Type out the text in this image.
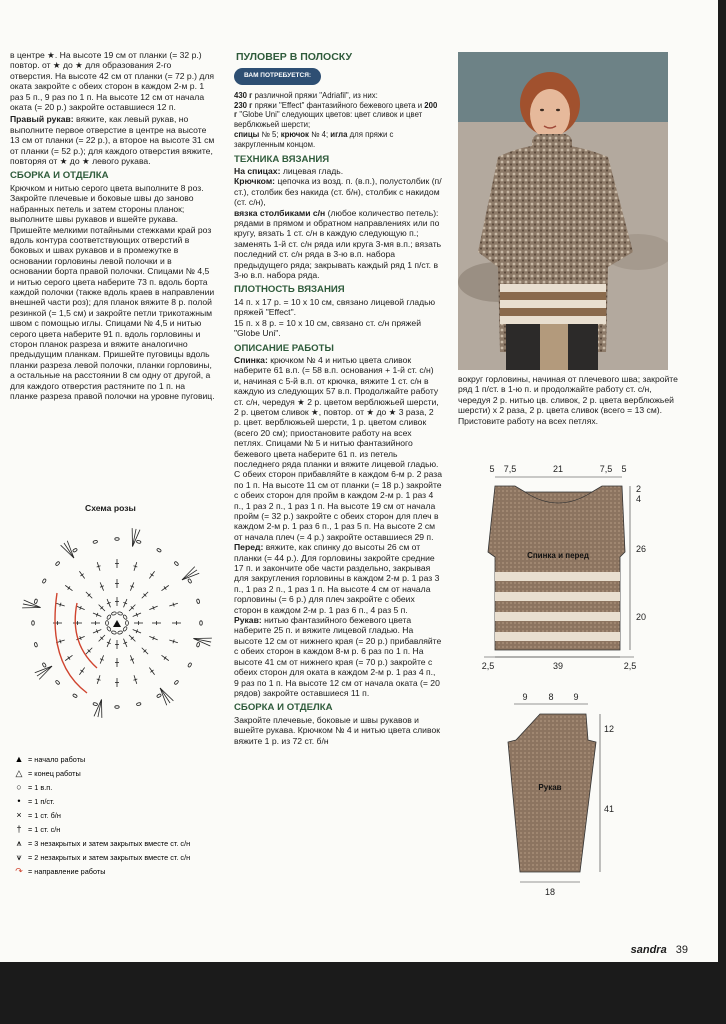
в центре ★. На высоте 19 см от планки (= 32 р.) повтор. от ★ до ★ для образования 2-го отверстия. На высоте 42 см от планки (= 72 р.) для оката закройте с обеих сторон в каждом 2-м р. 1 раз 5 п., 9 раз по 1 п. На высоте 12 см от начала оката (= 20 р.) закройте оставшиеся 12 п.

Правый рукав: вяжите, как левый рукав, но выполните первое отверстие в центре на высоте 13 см от планки (= 22 р.), а второе на высоте 31 см от планки (= 52 р.); для каждого отверстия вяжите, повторяя от ★ до ★ левого рукава.

СБОРКА И ОТДЕЛКА

Крючком и нитью серого цвета выполните 8 роз. Закройте плечевые и боковые швы до заново набранных петель и затем стороны планок; выполните швы рукавов и вшейте рукава. Пришейте мелкими потайными стежками край роз вдоль контура соответствующих отверстий в боковых и швах рукавов и в промежутке в основании горловины левой полочки и в основании борта правой полочки. Спицами № 4,5 и нитью серого цвета наберите 73 п. вдоль борта каждой полочки (также вдоль краев в направлении внешней части роз); для планок вяжите 8 р. полой резинкой (= 1,5 см) и закройте петли трикотажным швом с помощью иглы. Спицами № 4,5 и нитью серого цвета наберите 91 п. вдоль горловины и сторон планок разреза и вяжите аналогично предыдущим планкам. Пришейте пуговицы вдоль планки разреза левой полочки, планки горловины, а остальные на расстоянии 8 см одну от другой, а для каждого отверстия растяните по 1 п. на планке разреза правой полочки на уровне пуговиц.

Схема розы
▲ = начало работы
△ = конец работы
○ = 1 в.п.
•	= 1 п/ст.
× = 1 ст. б/н
† = 1 ст. с/н
⩚ = 3 незакрытых и затем закрытых вместе ст. с/н
⩛ = 2 незакрытых и затем закрытых вместе ст. с/н
↷ = направление работы
ПУЛОВЕР В ПОЛОСКУ
ВАМ ПОТРЕБУЕТСЯ:

430 г различной пряжи "Adriafil", из них:
230 г пряжи "Effect" фантазийного бежевого цвета и 200 г "Globe Uni" следующих цветов: цвет сливок и цвет верблюжьей шерсти;
спицы № 5; крючок № 4; игла для пряжи с закругленным концом.

ТЕХНИКА ВЯЗАНИЯ

На спицах: лицевая гладь.
Крючком: цепочка из возд. п. (в.п.), полустолбик (п/ст.), столбик без накида (ст. б/н), столбик с накидом (ст. с/н),
вязка столбиками с/н (любое количество петель): рядами в прямом и обратном направлениях или по кругу, вязать 1 ст. с/н в каждую следующую п.; заменять 1-й ст. с/н ряда или круга 3-мя в.п.; вязать последний ст. с/н ряда в 3-ю в.п. набора предыдущего ряда; закрывать каждый ряд 1 п/ст. в 3-ю в.п. набора ряда.

ПЛОТНОСТЬ ВЯЗАНИЯ

14 п. х 17 р. = 10 х 10 см, связано лицевой гладью пряжей "Effect".

15 п. х 8 р. = 10 х 10 см, связано ст. с/н пряжей "Globe Uni".

ОПИСАНИЕ РАБОТЫ

Спинка: крючком № 4 и нитью цвета сливок наберите 61 в.п. (= 58 в.п. основания + 1-й ст. с/н) и, начиная с 5-й в.п. от крючка, вяжите 1 ст. с/н в каждую из следующих 57 в.п. Продолжайте работу ст. с/н, чередуя ★ 2 р. цветом верблюжьей шерсти, 2 р. цветом сливок ★, повтор. от ★ до ★ 3 раза, 2 р. цвет. верблюжьей шерсти, 1 р. цветом сливок (всего 20 см); приостановите работу на всех петлях. Спицами № 5 и нитью фантазийного бежевого цвета наберите 61 п. из петель последнего ряда планки и вяжите лицевой гладью. С обеих сторон прибавляйте в каждом 6-м р. 2 раза по 1 п. На высоте 11 см от планки (= 18 р.) закройте с обеих сторон для пройм в каждом 2-м р. 1 раз 4 п., 1 раз 2 п., 1 раз 1 п. На высоте 19 см от начала пройм (= 32 р.) закройте с обеих сторон для плеч в каждом 2-м р. 1 раз 6 п., 1 раз 5 п. На высоте 2 см от начала плеч (= 4 р.) закройте оставшиеся 29 п.
Перед: вяжите, как спинку до высоты 26 см от планки (= 44 р.). Для горловины закройте средние 17 п. и закончите обе части раздельно, закрывая для закругления горловины в каждом 2-м р. 1 раз 3 п., 1 раз 2 п., 1 раз 1 п. На высоте 4 см от начала горловины (= 6 р.) для плеч закройте с обеих сторон в каждом 2-м р. 1 раз 6 п., 4 раз 5 п.
Рукав: нитью фантазийного бежевого цвета наберите 25 п. и вяжите лицевой гладью. На высоте 12 см от нижнего края (= 20 р.) прибавляйте с обеих сторон в каждом 8-м р. 6 раз по 1 п. На высоте 41 см от нижнего края (= 70 р.) закройте с обеих сторон для оката в каждом 2-м р. 1 раз 4 п., 9 раз по 1 п. На высоте 12 см от начала оката (= 20 рядов) закройте оставшиеся 11 п.

СБОРКА И ОТДЕЛКА

Закройте плечевые, боковые и швы рукавов и вшейте рукава. Крючком № 4 и нитью цвета сливок вяжите 1 р. из 72 ст. б/н

вокруг горловины, начиная от плечевого шва; закройте ряд 1 п/ст. в 1-ю п. и продолжайте работу ст. с/н, чередуя 2 р. нитью цв. сливок, 2 р. цвета верблюжьей шерсти) х 2 раза, 2 р. цвета сливок (всего = 13 см). Пристовите работу на всех петлях.

5 7,5	21	7,5 5
2
4
26
20
2,5	39	2,5
Спинка и перед
9 8 9
12
41
18
Рукав
sandra 39
